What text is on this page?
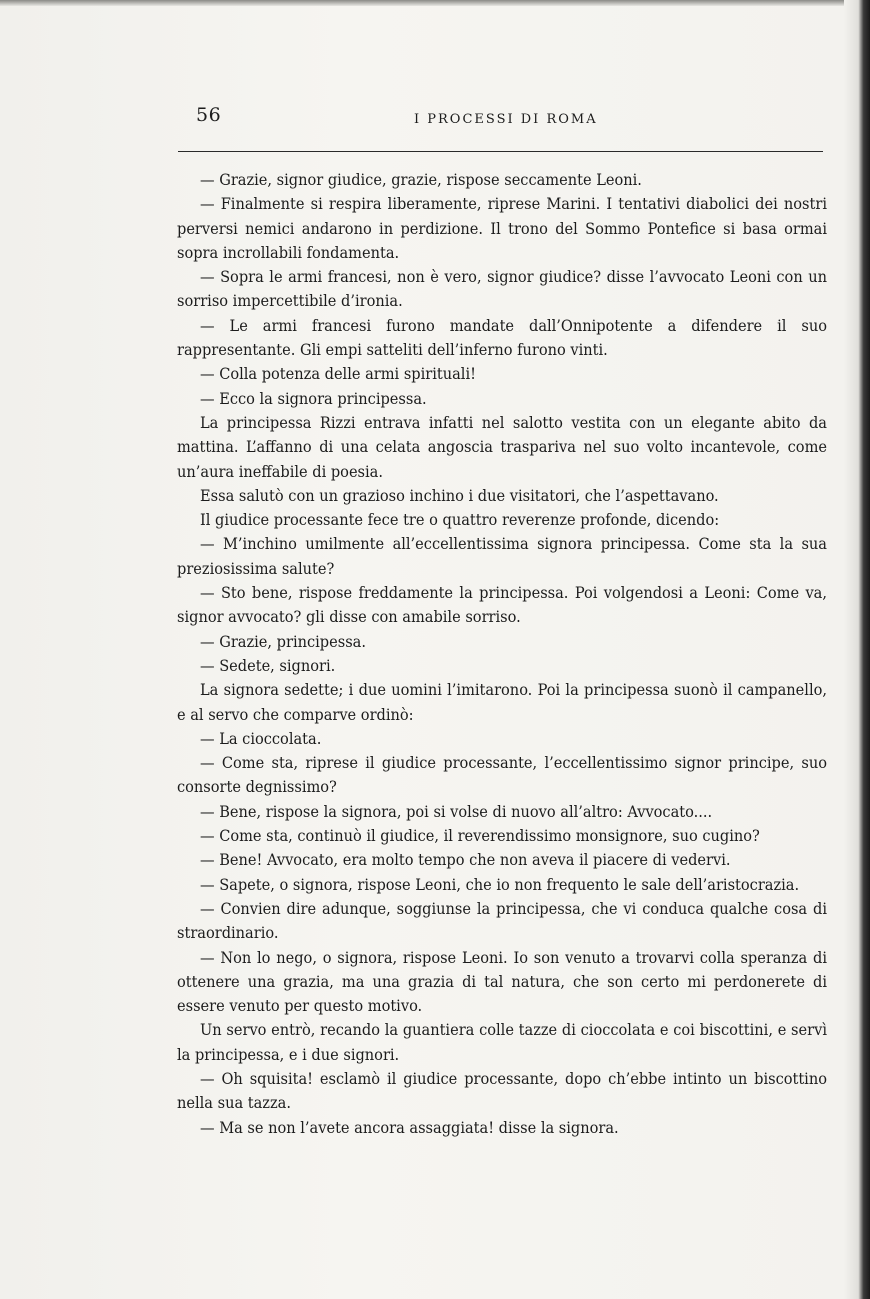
56	I PROCESSI DI ROMA

— Grazie, signor giudice, grazie, rispose seccamente Leoni.

— Finalmente si respira liberamente, riprese Marini. I tentativi diabolici dei nostri perversi nemici andarono in perdizione. Il trono del Sommo Pontefice si basa ormai sopra incrollabili fondamenta.

— Sopra le armi francesi, non è vero, signor giudice? disse l’avvocato Leoni con un sorriso impercettibile d’ironia.

— Le armi francesi furono mandate dall’Onnipotente a difendere il suo rappresentante. Gli empi satteliti dell’inferno furono vinti.

— Colla potenza delle armi spirituali!

— Ecco la signora principessa.

La principessa Rizzi entrava infatti nel salotto vestita con un elegante abito da mattina. L’affanno di una celata angoscia traspariva nel suo volto incantevole, come un’aura ineffabile di poesia.

Essa salutò con un grazioso inchino i due visitatori, che l’aspettavano.

Il giudice processante fece tre o quattro reverenze profonde, dicendo:

— M’inchino umilmente all’eccellentissima signora principessa. Come sta la sua preziosissima salute?

— Sto bene, rispose freddamente la principessa. Poi volgendosi a Leoni: Come va, signor avvocato? gli disse con amabile sorriso.

— Grazie, principessa.

— Sedete, signori.

La signora sedette; i due uomini l’imitarono. Poi la principessa suonò il campanello, e al servo che comparve ordinò:

— La cioccolata.

— Come sta, riprese il giudice processante, l’eccellentissimo signor principe, suo consorte degnissimo?

— Bene, rispose la signora, poi si volse di nuovo all’altro: Avvocato....

— Come sta, continuò il giudice, il reverendissimo monsignore, suo cugino?

— Bene! Avvocato, era molto tempo che non aveva il piacere di vedervi.

— Sapete, o signora, rispose Leoni, che io non frequento le sale dell’aristocrazia.

— Convien dire adunque, soggiunse la principessa, che vi conduca qualche cosa di straordinario.

— Non lo nego, o signora, rispose Leoni. Io son venuto a trovarvi colla speranza di ottenere una grazia, ma una grazia di tal natura, che son certo mi perdonerete di essere venuto per questo motivo.

Un servo entrò, recando la guantiera colle tazze di cioccolata e coi biscottini, e servì la principessa, e i due signori.

— Oh squisita! esclamò il giudice processante, dopo ch’ebbe intinto un biscottino nella sua tazza.

— Ma se non l’avete ancora assaggiata! disse la signora.
